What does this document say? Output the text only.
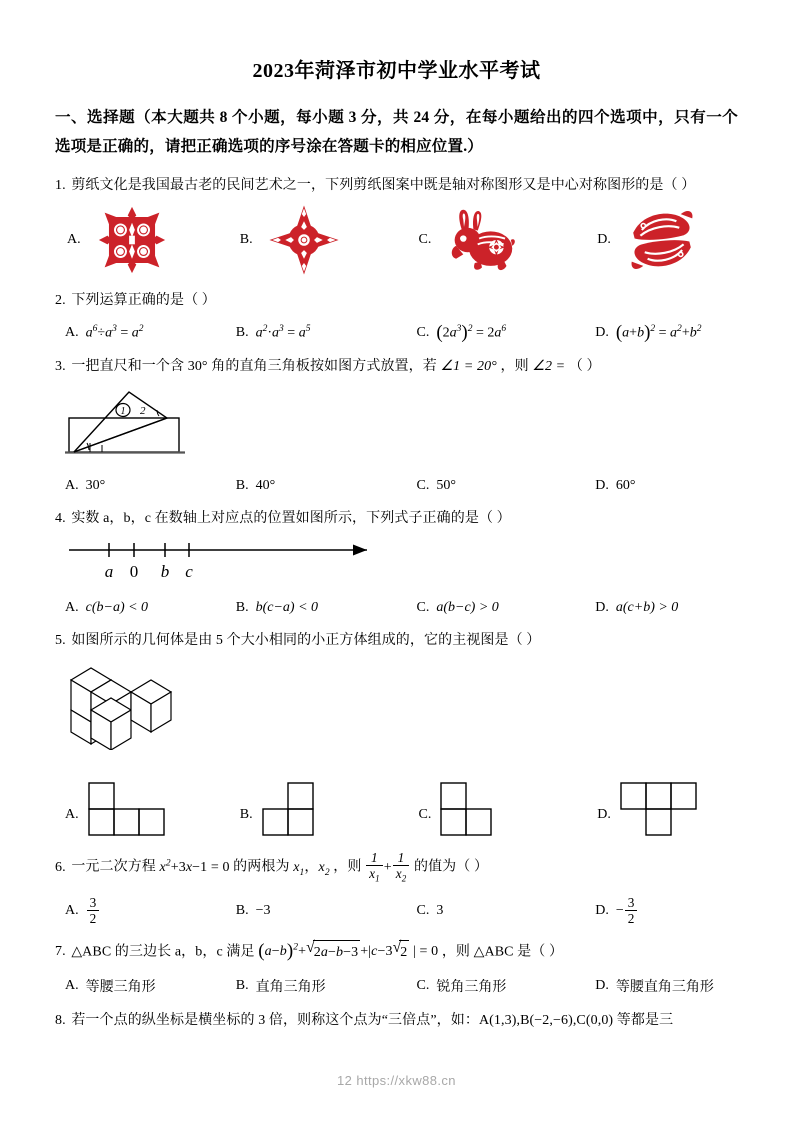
2023年菏泽市初中学业水平考试
一、选择题（本大题共 8 个小题，每小题 3 分，共 24 分，在每小题给出的四个选项中，只有一个选项是正确的，请把正确选项的序号涂在答题卡的相应位置.）
1. 剪纸文化是我国最古老的民间艺术之一，下列剪纸图案中既是轴对称图形又是中心对称图形的是（ ）
A.	B.	C.	D.
2. 下列运算正确的是（ ）
A. $a^6\div a^3 = a^2$	B. $a^2\cdot a^3 = a^5$	C. $(2a^3)^2 = 2a^6$	D. $(a+b)^2 = a^2+b^2$
3. 一把直尺和一个含 30° 角的直角三角板按如图方式放置，若 ∠1 = 20° ，则 ∠2 = （ ）
1 2
A. 30°	B. 40°	C. 50°	D. 60°
4. 实数 a，b，c 在数轴上对应点的位置如图所示，下列式子正确的是（ ）
a 0 b c
A. c(b−a) < 0	B. b(c−a) < 0	C. a(b−c) > 0	D. a(c+b) > 0
5. 如图所示的几何体是由 5 个大小相同的小正方体组成的，它的主视图是（ ）
A.	B.	C.	D.
6. 一元二次方程 $x^2+3x-1 = 0$ 的两根为 $x_1$，$x_2$ ，则 $\frac{1}{x_1} + \frac{1}{x_2}$ 的值为（ ）
A. $\frac{3}{2}$	B. −3	C. 3	D. − $\frac{3}{2}$
7. △ABC 的三边长 a，b，c 满足 $(a-b)^2+$ √ 2a−b−3 +|c−3 √ 2 | = 0 ，则 △ABC 是（ ）
A. 等腰三角形	B. 直角三角形	C. 锐角三角形	D. 等腰直角三角形
8. 若一个点的纵坐标是横坐标的 3 倍，则称这个点为“三倍点”，如：A(1,3),B(−2,−6),C(0,0) 等都是三
12 https://xkw88.cn
